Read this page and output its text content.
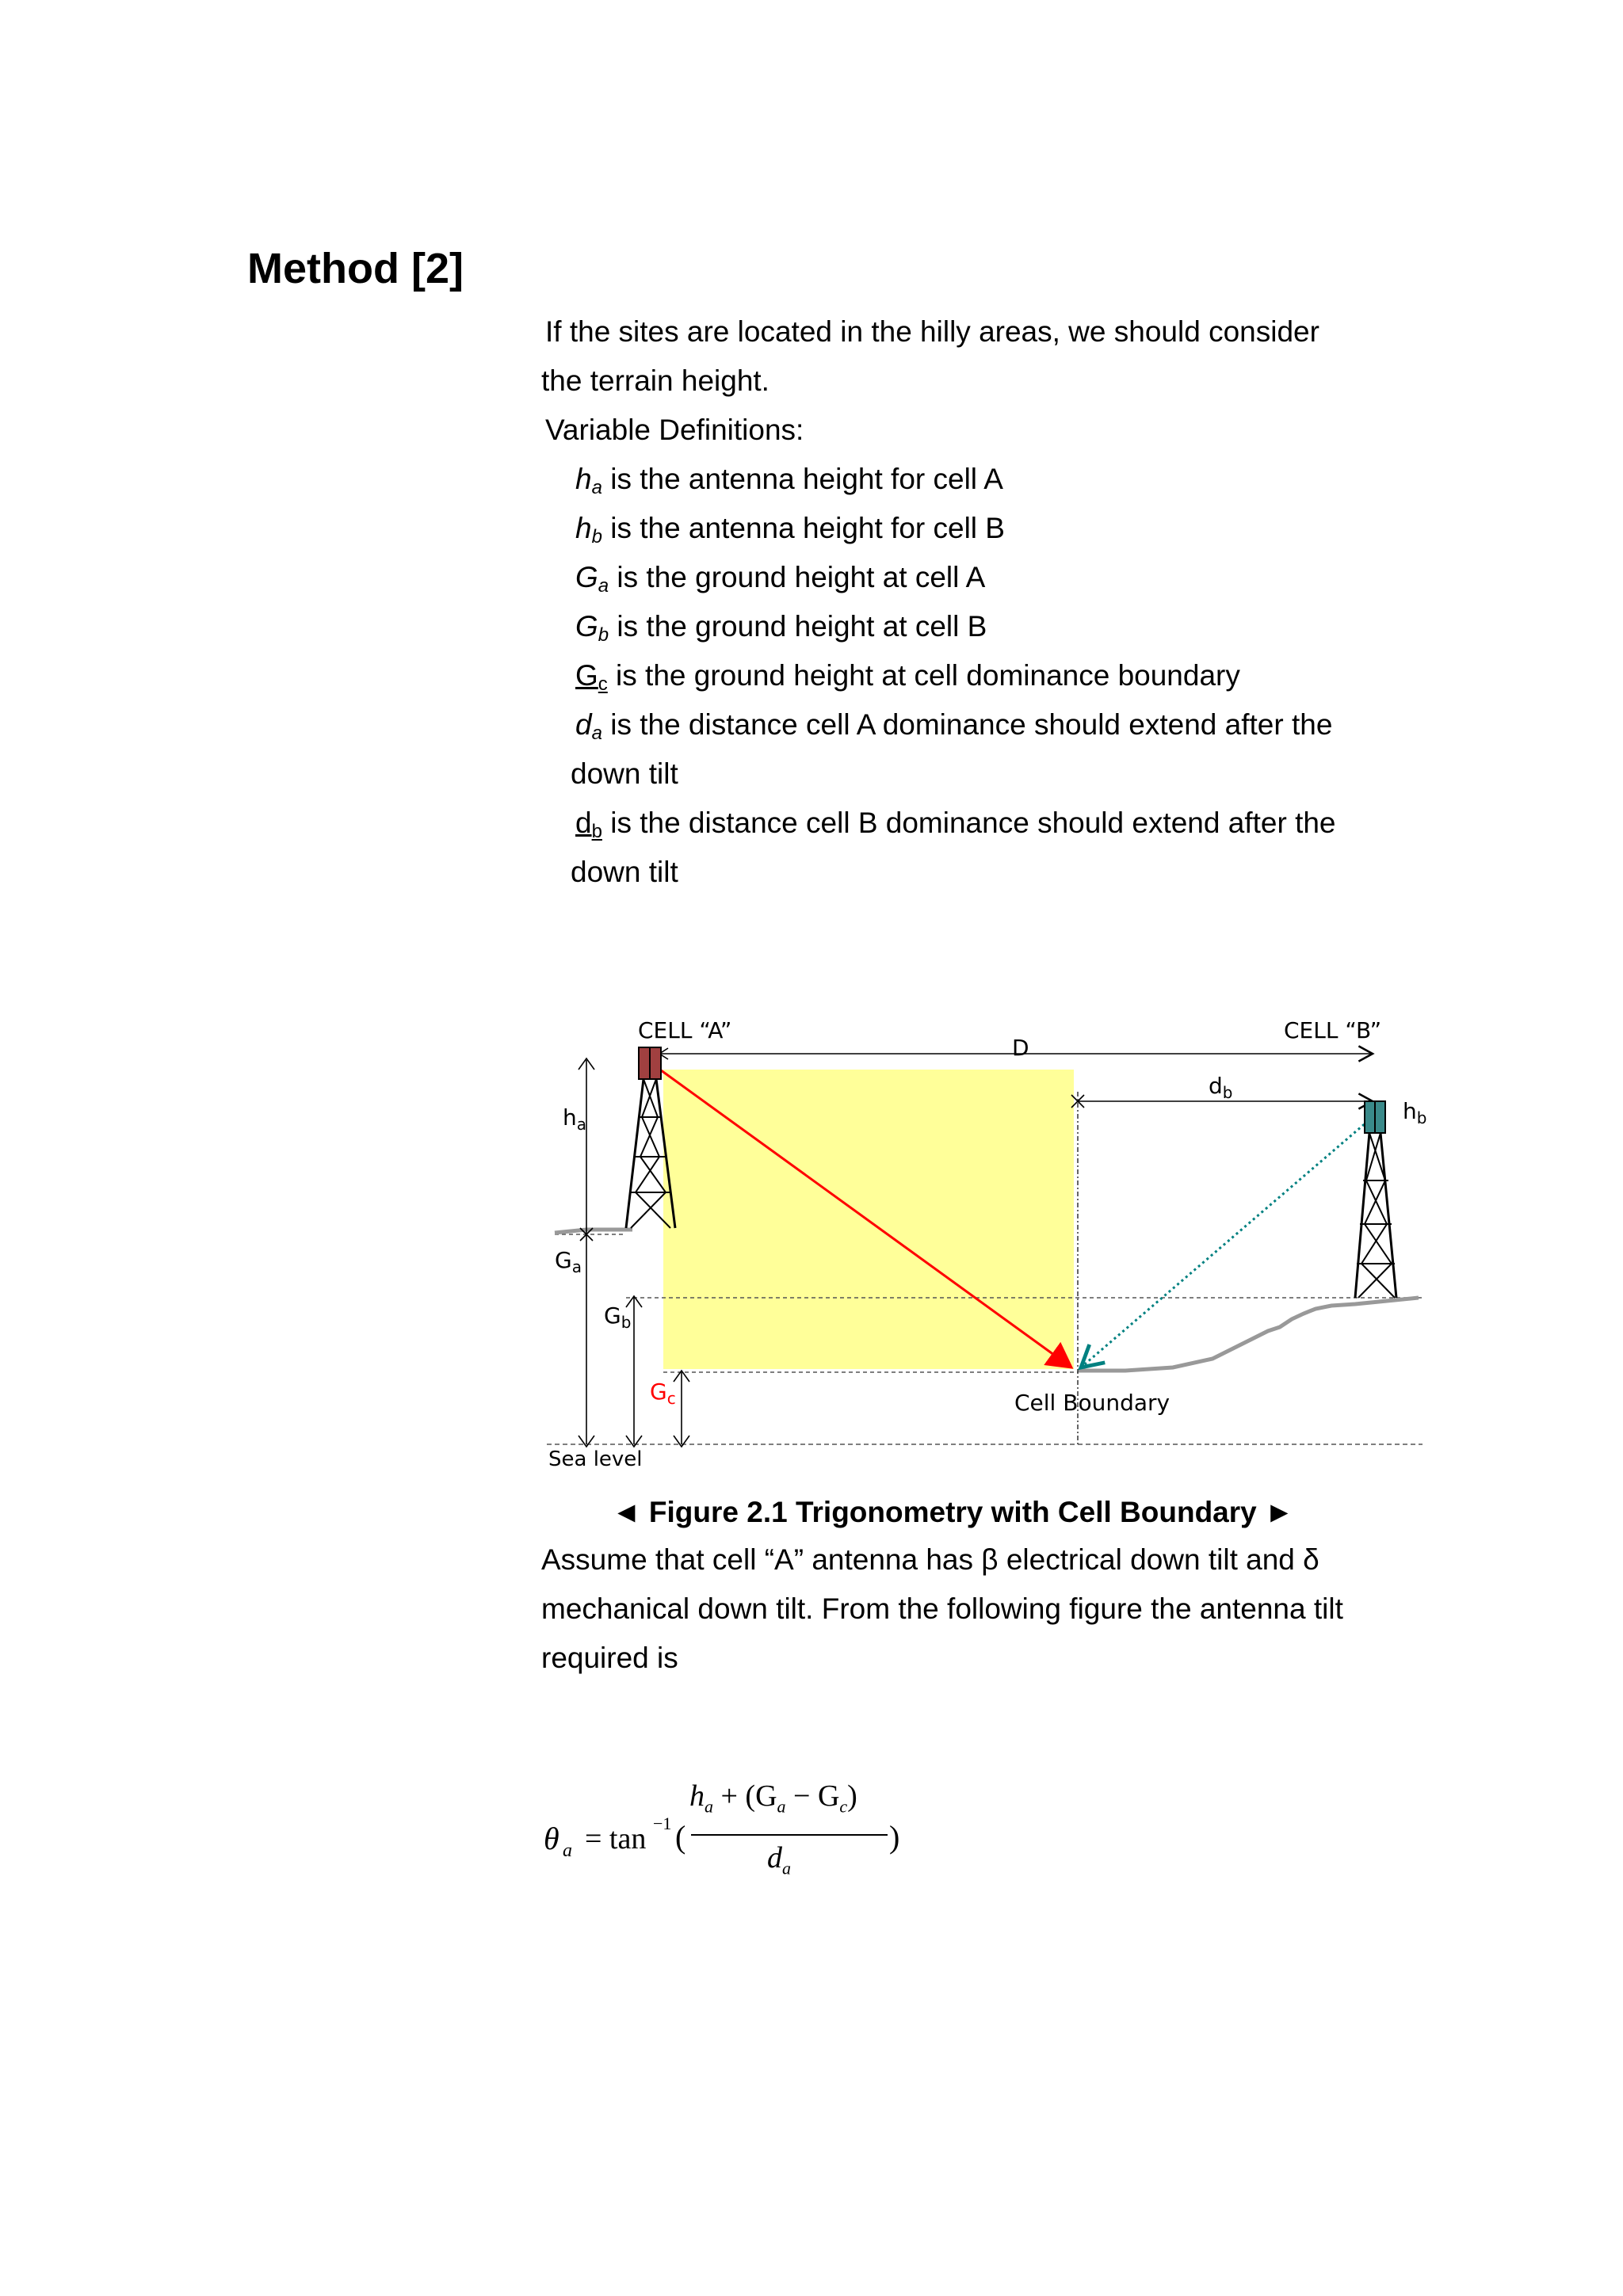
Method [2]
If the sites are located in the hilly areas, we should consider
the terrain height.
Variable Definitions:
$h_a$ is the antenna height for cell A
$h_b$ is the antenna height for cell B
$G_a$ is the ground height at cell A
$G_b$ is the ground height at cell B
$G_c$ is the ground height at cell dominance boundary
$d_a$ is the distance cell A dominance should extend after the
down tilt
$d_b$ is the distance cell B dominance should extend after the
down tilt
CELL “A”	CELL “B”
D
$d_b$
$h_b$
$h_a$
$G_a$
$G_b$
$G_c$	Cell Boundary
Sea level
◄ Figure 2.1 Trigonometry with Cell Boundary ►
Assume that cell “A” antenna has β electrical down tilt and δ
mechanical down tilt. From the following figure the antenna tilt
required is
θ a = tan −1 (
$h_a + (G_a - G_c)$
$d_a$
)
